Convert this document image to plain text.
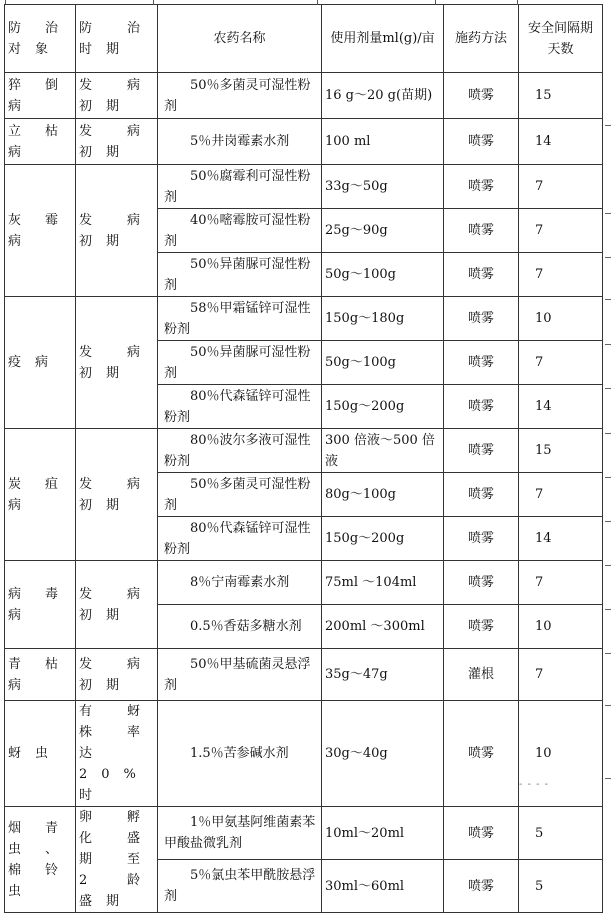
防治对象	防治时期	农药名称	使用剂量ml(g)/亩	施药方法	安全间隔期天数
猝倒病	发病初期	50％多菌灵可湿性粉剂	16 g～20 g(苗期)	喷雾	15
立枯病	发病初期	5％井岗霉素水剂	100 ml	喷雾	14
灰霉病	发病初期	50％腐霉利可湿性粉剂	33g～50g	喷雾	7
		40％嘧霉胺可湿性粉剂	25g～90g	喷雾	7
		50％异菌脲可湿性粉剂	50g～100g	喷雾	7
疫病	发病初期	58％甲霜锰锌可湿性粉剂	150g～180g	喷雾	10
		50％异菌脲可湿性粉剂	50g～100g	喷雾	7
		80％代森锰锌可湿性粉剂	150g～200g	喷雾	14
炭疽病	发病初期	80％波尔多液可湿性粉剂	300 倍液～500 倍液	喷雾	15
		50％多菌灵可湿性粉剂	80g～100g	喷雾	7
		80％代森锰锌可湿性粉剂	150g～200g	喷雾	14
病毒病	发病初期	8％宁南霉素水剂	75ml ～104ml	喷雾	7
		0.5％香菇多糖水剂	200ml ～300ml	喷雾	10
青枯病	发病初期	50％甲基硫菌灵悬浮剂	35g～47g	灌根	7
蚜虫	有蚜株率达20%时	1.5％苦参碱水剂	30g～40g	喷雾	10
烟青虫、棉铃虫	卵孵化盛期至2龄盛期	1％甲氨基阿维菌素苯甲酸盐微乳剂	10ml～20ml	喷雾	5
		5％氯虫苯甲酰胺悬浮剂	30ml～60ml	喷雾	5
- - - -
